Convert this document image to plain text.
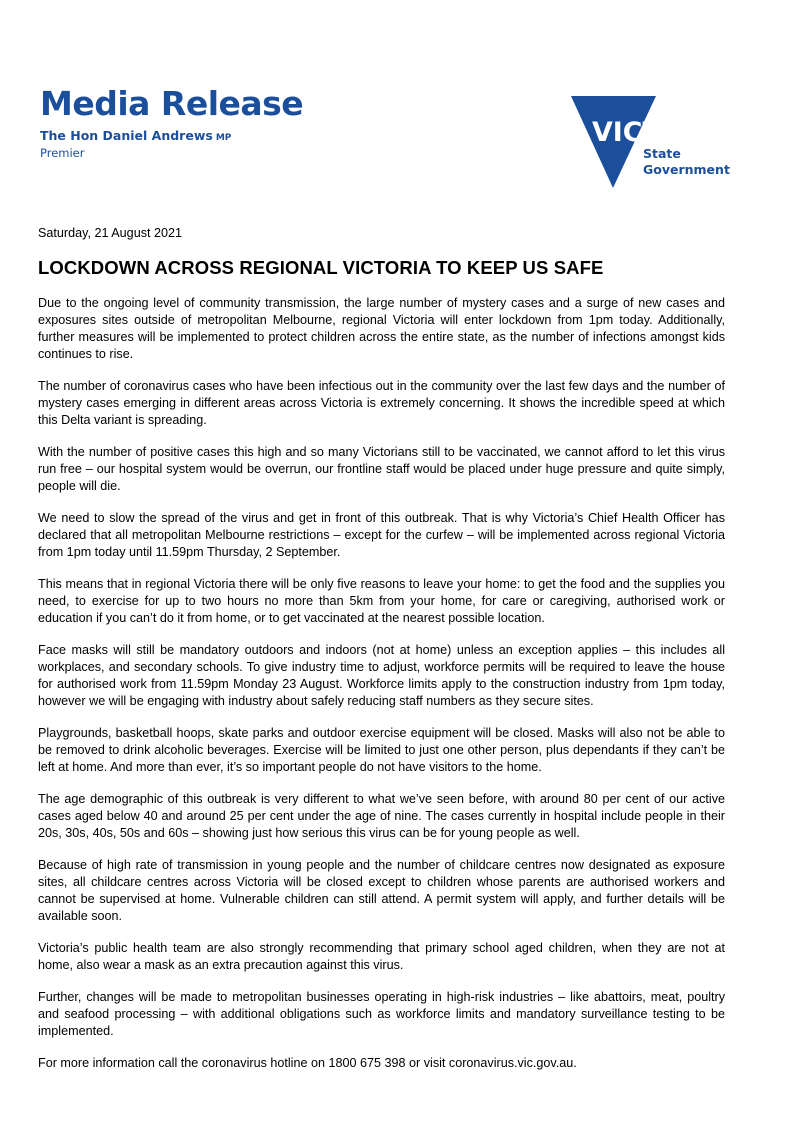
Media Release
The Hon Daniel Andrews MP
Premier
VICTORIA
State
Government
Saturday, 21 August 2021
LOCKDOWN ACROSS REGIONAL VICTORIA TO KEEP US SAFE

Due to the ongoing level of community transmission, the large number of mystery cases and a surge of new cases and exposures sites outside of metropolitan Melbourne, regional Victoria will enter lockdown from 1pm today. Additionally, further measures will be implemented to protect children across the entire state, as the number of infections amongst kids continues to rise.

The number of coronavirus cases who have been infectious out in the community over the last few days and the number of mystery cases emerging in different areas across Victoria is extremely concerning. It shows the incredible speed at which this Delta variant is spreading.

With the number of positive cases this high and so many Victorians still to be vaccinated, we cannot afford to let this virus run free – our hospital system would be overrun, our frontline staff would be placed under huge pressure and quite simply, people will die.

We need to slow the spread of the virus and get in front of this outbreak. That is why Victoria’s Chief Health Officer has declared that all metropolitan Melbourne restrictions – except for the curfew – will be implemented across regional Victoria from 1pm today until 11.59pm Thursday, 2 September.

This means that in regional Victoria there will be only five reasons to leave your home: to get the food and the supplies you need, to exercise for up to two hours no more than 5km from your home, for care or caregiving, authorised work or education if you can’t do it from home, or to get vaccinated at the nearest possible location.

Face masks will still be mandatory outdoors and indoors (not at home) unless an exception applies – this includes all workplaces, and secondary schools. To give industry time to adjust, workforce permits will be required to leave the house for authorised work from 11.59pm Monday 23 August. Workforce limits apply to the construction industry from 1pm today, however we will be engaging with industry about safely reducing staff numbers as they secure sites.

Playgrounds, basketball hoops, skate parks and outdoor exercise equipment will be closed. Masks will also not be able to be removed to drink alcoholic beverages. Exercise will be limited to just one other person, plus dependants if they can’t be left at home. And more than ever, it’s so important people do not have visitors to the home.

The age demographic of this outbreak is very different to what we’ve seen before, with around 80 per cent of our active cases aged below 40 and around 25 per cent under the age of nine. The cases currently in hospital include people in their 20s, 30s, 40s, 50s and 60s – showing just how serious this virus can be for young people as well.

Because of high rate of transmission in young people and the number of childcare centres now designated as exposure sites, all childcare centres across Victoria will be closed except to children whose parents are authorised workers and cannot be supervised at home. Vulnerable children can still attend. A permit system will apply, and further details will be available soon.

Victoria’s public health team are also strongly recommending that primary school aged children, when they are not at home, also wear a mask as an extra precaution against this virus.

Further, changes will be made to metropolitan businesses operating in high-risk industries – like abattoirs, meat, poultry and seafood processing – with additional obligations such as workforce limits and mandatory surveillance testing to be implemented.

For more information call the coronavirus hotline on 1800 675 398 or visit coronavirus.vic.gov.au.
